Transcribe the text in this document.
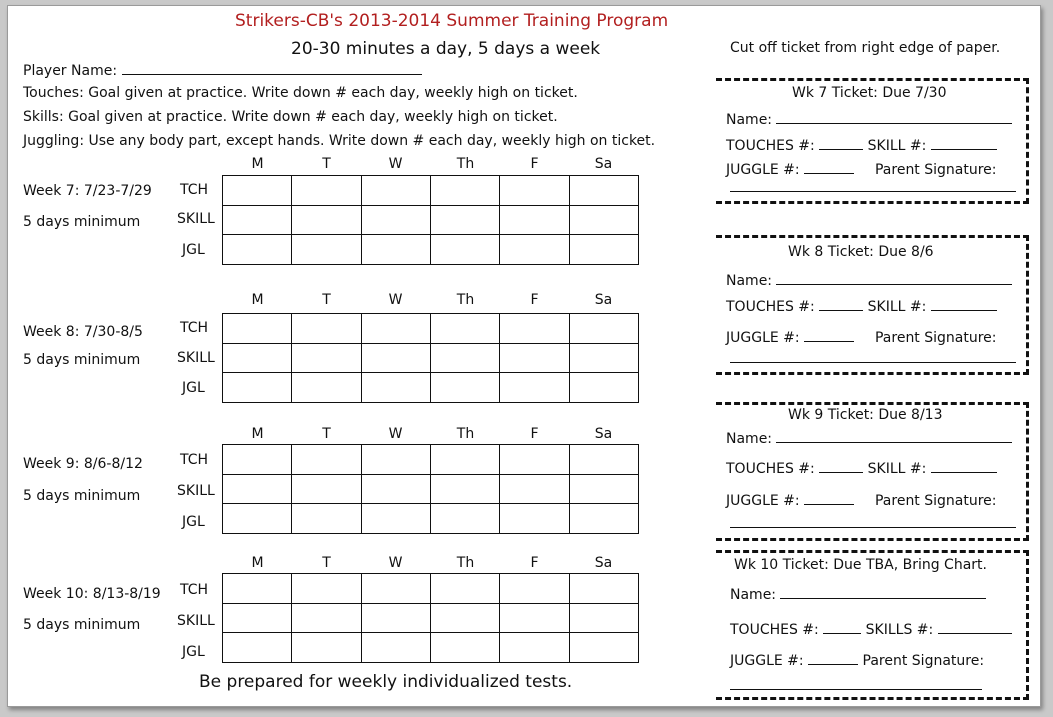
Strikers-CB's 2013-2014 Summer Training Program
20-30 minutes a day, 5 days a week	Cut off ticket from right edge of paper.
Player Name:
Touches: Goal given at practice. Write down # each day, weekly high on ticket.
Skills: Goal given at practice. Write down # each day, weekly high on ticket.
Juggling: Use any body part, except hands. Write down # each day, weekly high on ticket.
M	T	W	Th	F	Sa
Week 7: 7/23-7/29
5 days minimum
TCH
SKILL
JGL

M	T	W	Th	F	Sa
Week 8: 7/30-8/5
5 days minimum
TCH
SKILL
JGL

M	T	W	Th	F	Sa
Week 9: 8/6-8/12
5 days minimum
TCH
SKILL
JGL

M	T	W	Th	F	Sa
Week 10: 8/13-8/19
5 days minimum
TCH
SKILL
JGL

Be prepared for weekly individualized tests.
Wk 7 Ticket: Due 7/30
Name:
TOUCHES #:	SKILL #:
JUGGLE #:	Parent Signature:
Wk 8 Ticket: Due 8/6
Name:
TOUCHES #:	SKILL #:
JUGGLE #:	Parent Signature:
Wk 9 Ticket: Due 8/13
Name:
TOUCHES #:	SKILL #:
JUGGLE #:	Parent Signature:
Wk 10 Ticket: Due TBA, Bring Chart.
Name:
TOUCHES #:	SKILLS #:
JUGGLE #:	Parent Signature:
